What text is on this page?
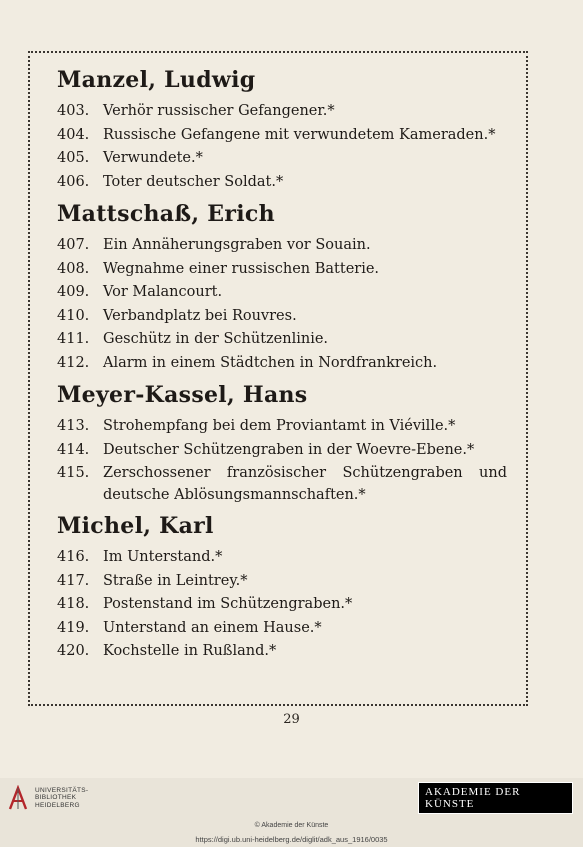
Manzel, Ludwig
403. Verhör russischer Gefangener.*
404. Russische Gefangene mit verwundetem Kameraden.*
405. Verwundete.*
406. Toter deutscher Soldat.*
Mattschaß, Erich
407. Ein Annäherungsgraben vor Souain.
408. Wegnahme einer russischen Batterie.
409. Vor Malancourt.
410. Verbandplatz bei Rouvres.
411. Geschütz in der Schützenlinie.
412. Alarm in einem Städtchen in Nordfrankreich.
Meyer-Kassel, Hans
413. Strohempfang bei dem Proviantamt in Viéville.*
414. Deutscher Schützengraben in der Woevre-Ebene.*
415. Zerschossener französischer Schützengraben und deutsche Ablösungsmannschaften.*
Michel, Karl
416. Im Unterstand.*
417. Straße in Leintrey.*
418. Postenstand im Schützengraben.*
419. Unterstand an einem Hause.*
420. Kochstelle in Rußland.*
29
UNIVERSITÄTS-
BIBLIOTHEK
HEIDELBERG
AKADEMIE DER KÜNSTE
© Akademie der Künste
https://digi.ub.uni-heidelberg.de/diglit/adk_aus_1916/0035
